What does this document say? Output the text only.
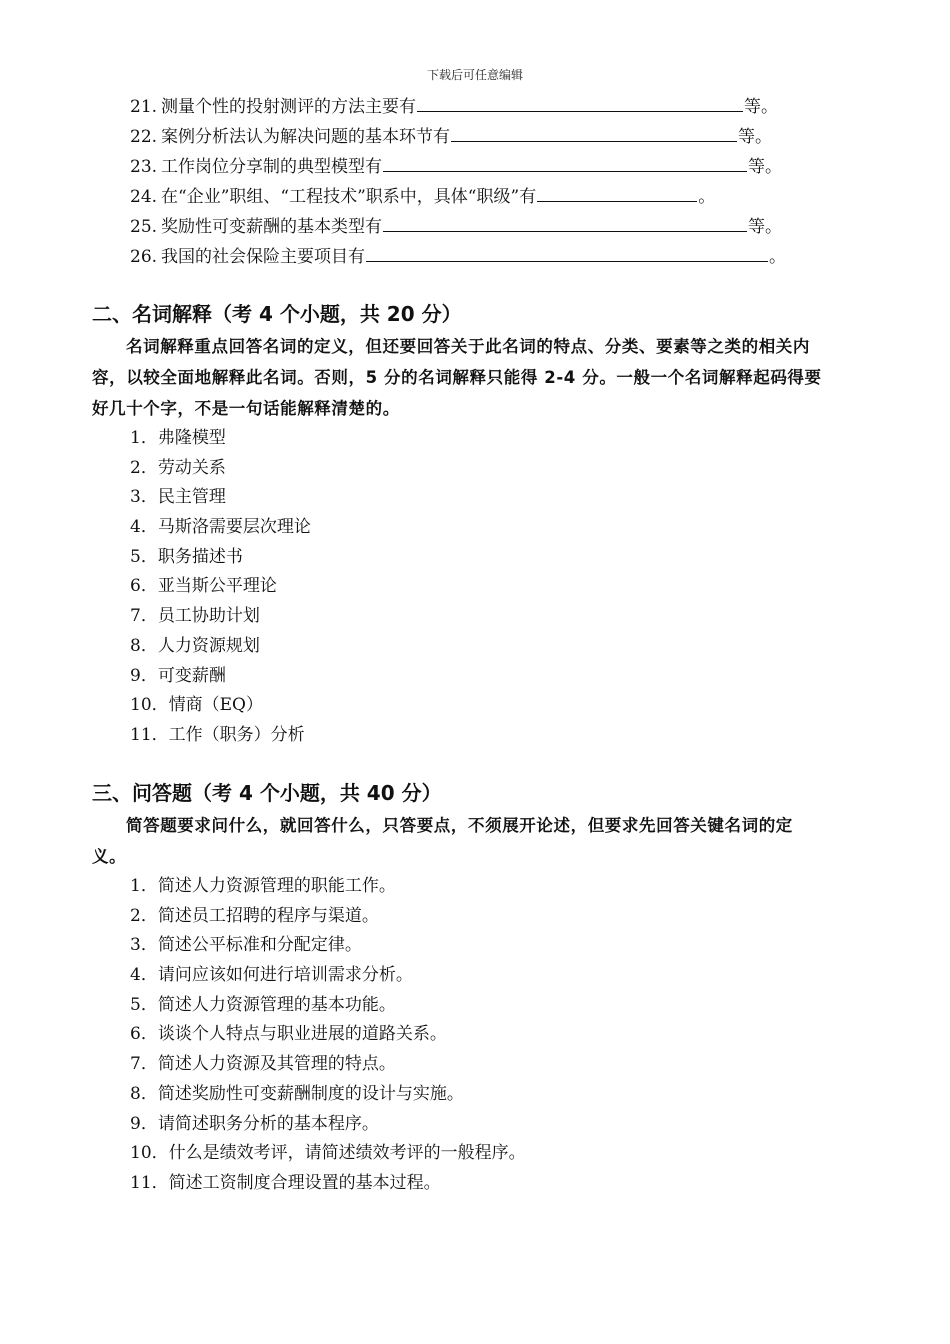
下载后可任意编辑
21. 测量个性的投射测评的方法主要有	等。
22. 案例分析法认为解决问题的基本环节有	等。
23. 工作岗位分享制的典型模型有	等。
24. 在“企业”职组、“工程技术”职系中，具体“职级”有	。
25. 奖励性可变薪酬的基本类型有	等。
26. 我国的社会保险主要项目有	。
二、名词解释（考 4 个小题，共 20 分）

名词解释重点回答名词的定义，但还要回答关于此名词的特点、分类、要素等之类的相关内容，以较全面地解释此名词。否则，5 分的名词解释只能得 2-4 分。一般一个名词解释起码得要好几十个字，不是一句话能解释清楚的。

1．弗隆模型
2．劳动关系
3．民主管理
4．马斯洛需要层次理论
5．职务描述书
6．亚当斯公平理论
7．员工协助计划
8．人力资源规划
9．可变薪酬
10．情商（EQ）
11．工作（职务）分析
三、问答题（考 4 个小题，共 40 分）

简答题要求问什么，就回答什么，只答要点，不须展开论述，但要求先回答关键名词的定义。

1．简述人力资源管理的职能工作。
2．简述员工招聘的程序与渠道。
3．简述公平标准和分配定律。
4．请问应该如何进行培训需求分析。
5．简述人力资源管理的基本功能。
6．谈谈个人特点与职业进展的道路关系。
7．简述人力资源及其管理的特点。
8．简述奖励性可变薪酬制度的设计与实施。
9．请简述职务分析的基本程序。
10．什么是绩效考评，请简述绩效考评的一般程序。
11．简述工资制度合理设置的基本过程。
